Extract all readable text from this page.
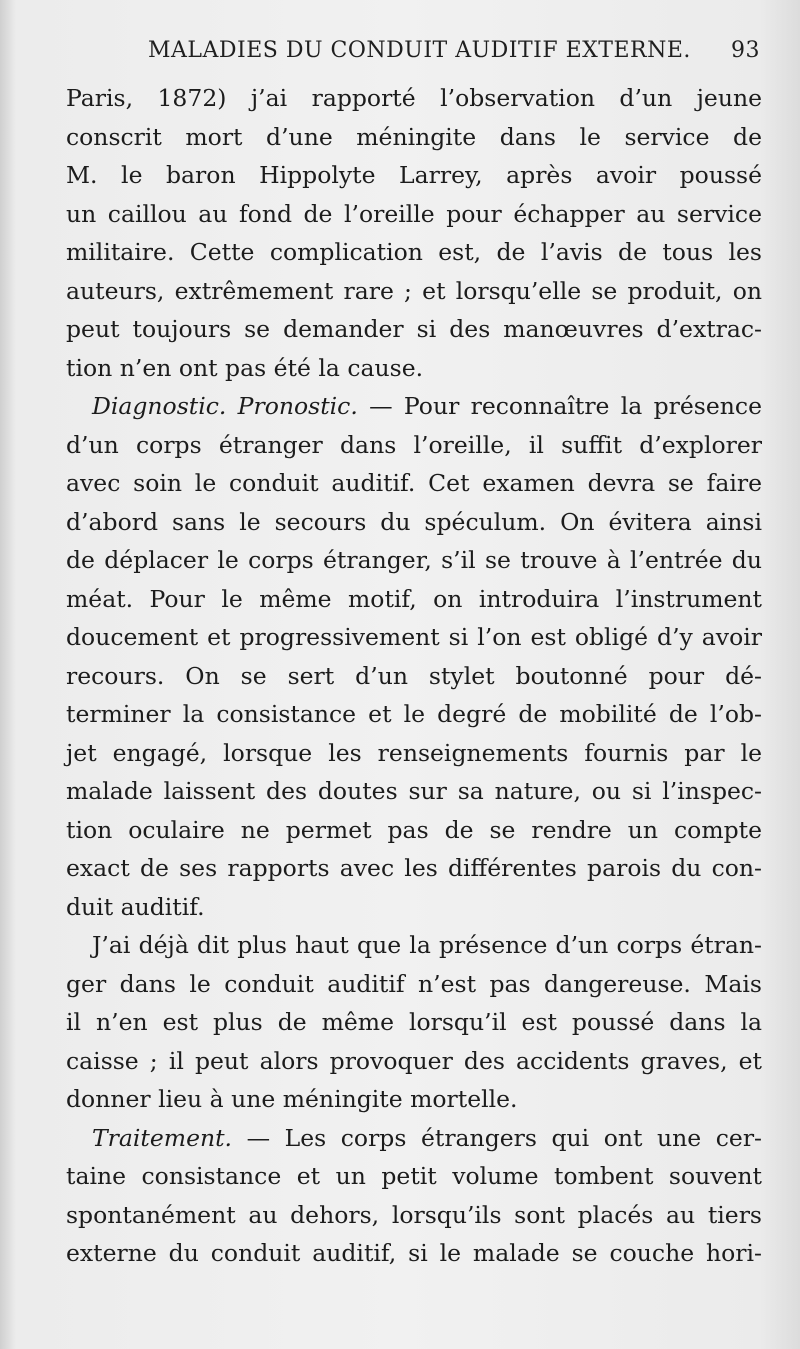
MALADIES DU CONDUIT AUDITIF EXTERNE. 93
Paris, 1872) j’ai rapporté l’observation d’un jeune
conscrit mort d’une méningite dans le service de
M. le baron Hippolyte Larrey, après avoir poussé
un caillou au fond de l’oreille pour échapper au service
militaire. Cette complication est, de l’avis de tous les
auteurs, extrêmement rare ; et lorsqu’elle se produit, on
peut toujours se demander si des manœuvres d’extrac-
tion n’en ont pas été la cause.
Diagnostic. Pronostic. — Pour reconnaître la présence
d’un corps étranger dans l’oreille, il suffit d’explorer
avec soin le conduit auditif. Cet examen devra se faire
d’abord sans le secours du spéculum. On évitera ainsi
de déplacer le corps étranger, s’il se trouve à l’entrée du
méat. Pour le même motif, on introduira l’instrument
doucement et progressivement si l’on est obligé d’y avoir
recours. On se sert d’un stylet boutonné pour dé-
terminer la consistance et le degré de mobilité de l’ob-
jet engagé, lorsque les renseignements fournis par le
malade laissent des doutes sur sa nature, ou si l’inspec-
tion oculaire ne permet pas de se rendre un compte
exact de ses rapports avec les différentes parois du con-
duit auditif.
J’ai déjà dit plus haut que la présence d’un corps étran-
ger dans le conduit auditif n’est pas dangereuse. Mais
il n’en est plus de même lorsqu’il est poussé dans la
caisse ; il peut alors provoquer des accidents graves, et
donner lieu à une méningite mortelle.
Traitement. — Les corps étrangers qui ont une cer-
taine consistance et un petit volume tombent souvent
spontanément au dehors, lorsqu’ils sont placés au tiers
externe du conduit auditif, si le malade se couche hori-
